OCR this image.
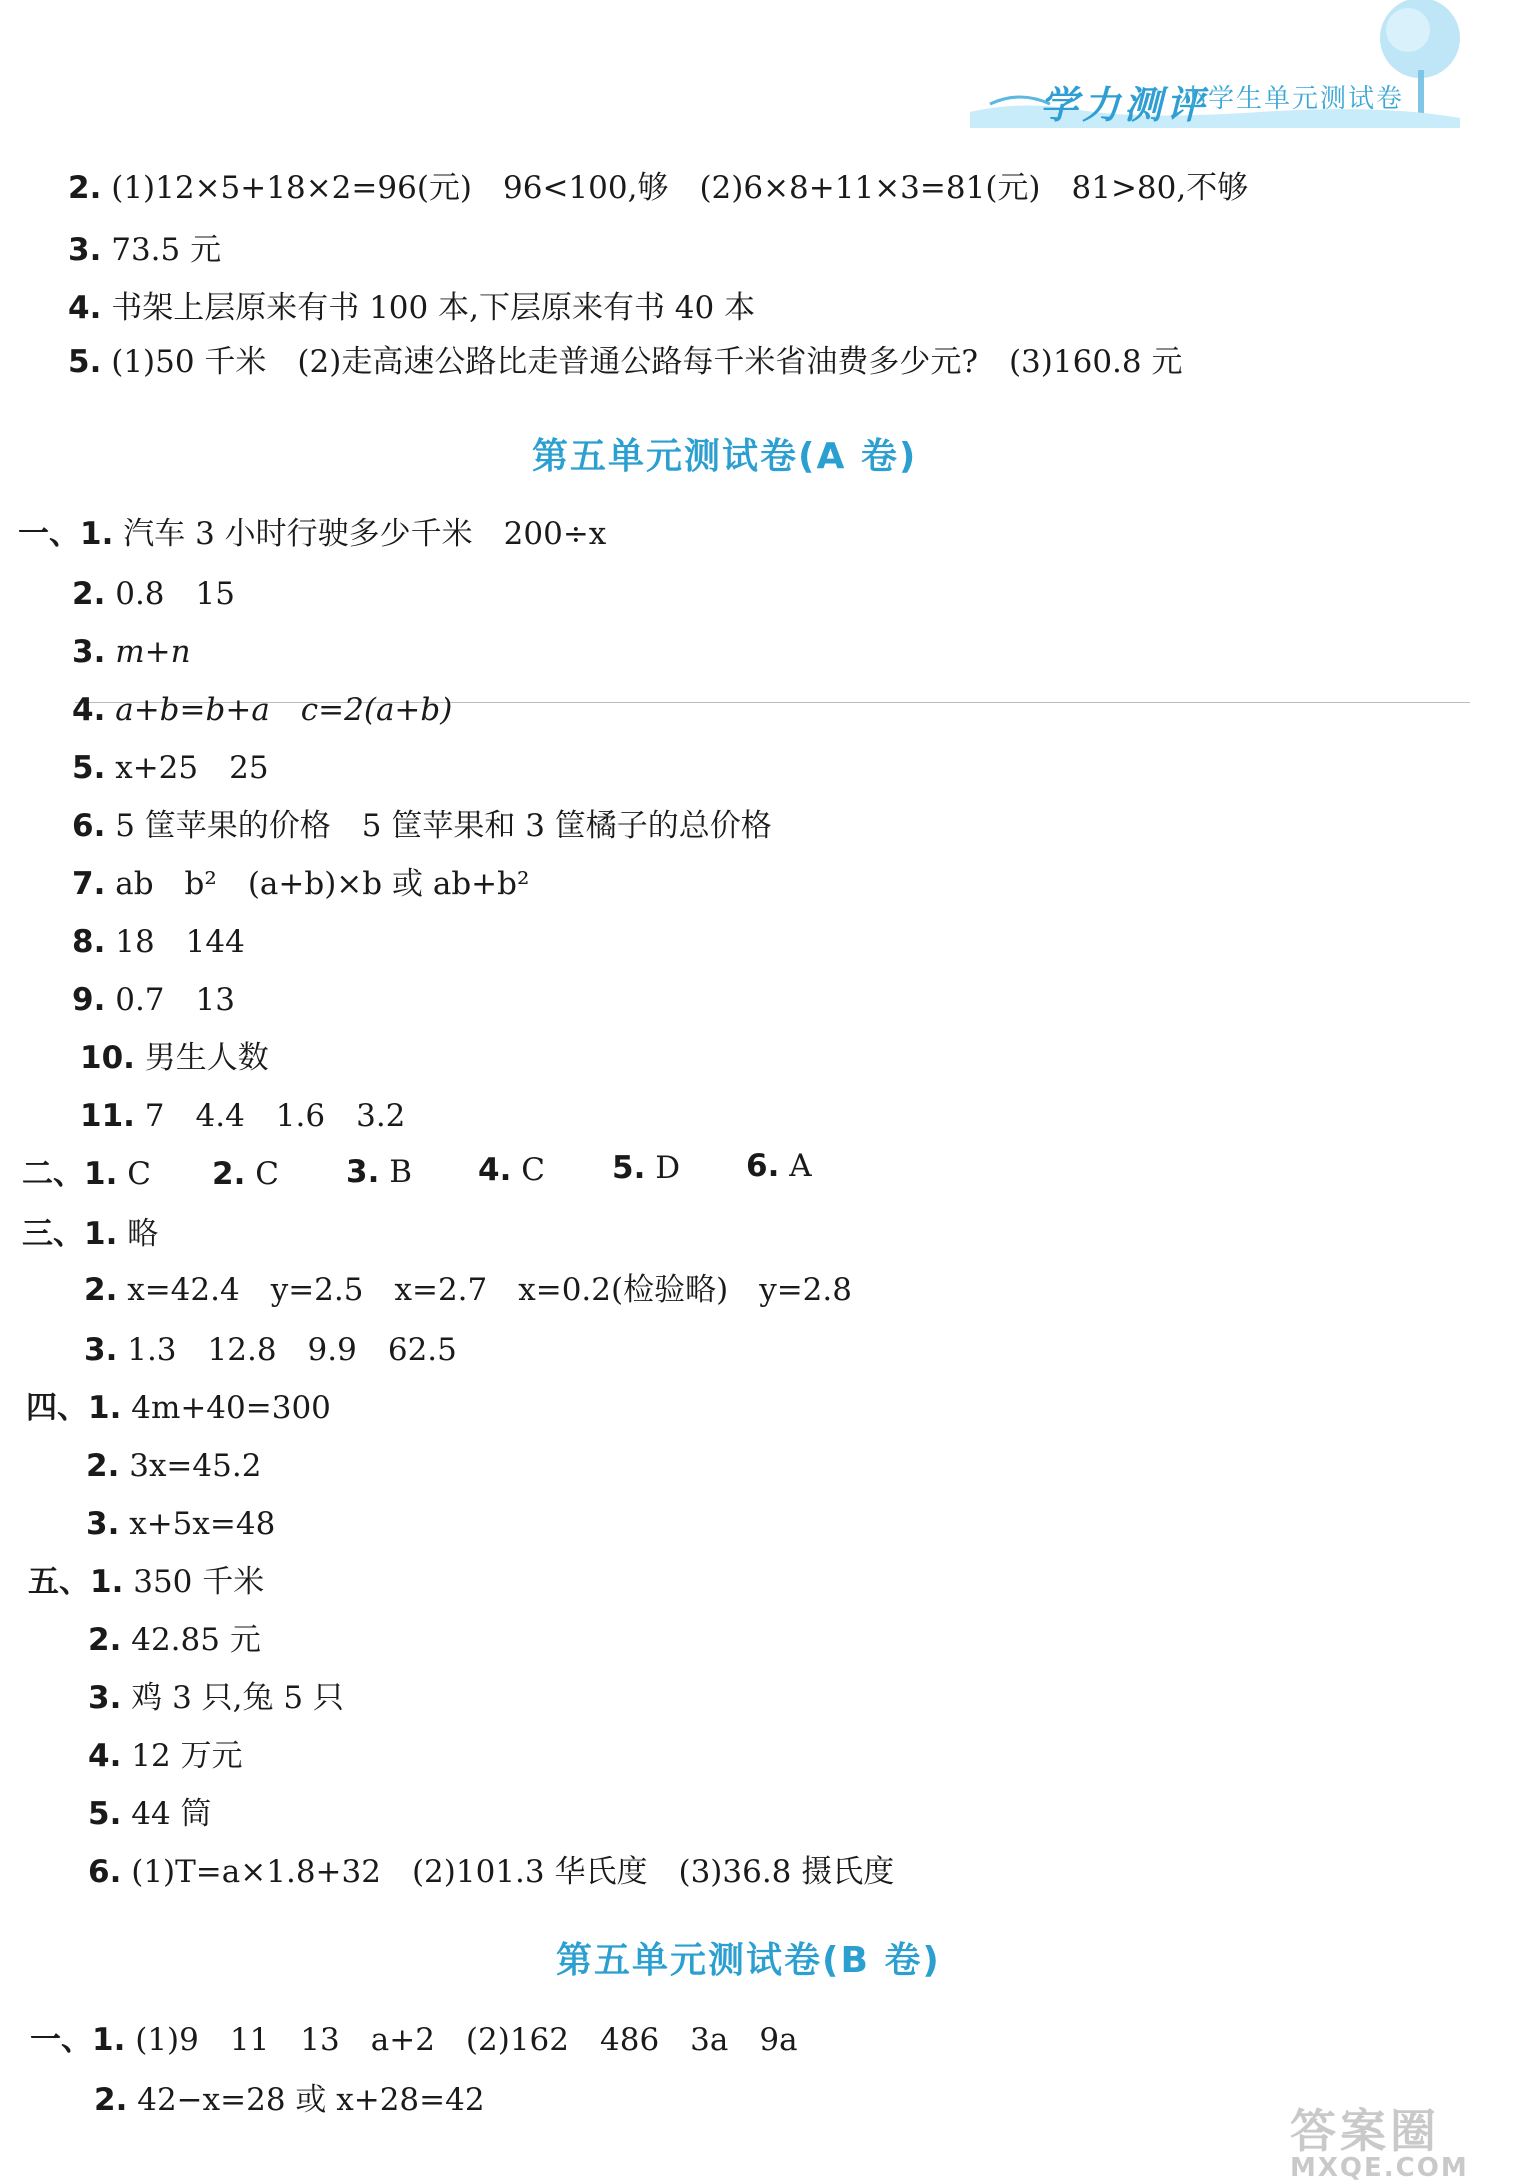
学力测评
小学生单元测试卷
2. (1)12×5+18×2=96(元)　96<100,够　(2)6×8+11×3=81(元)　81>80,不够
3. 73.5 元
4. 书架上层原来有书 100 本,下层原来有书 40 本
5. (1)50 千米　(2)走高速公路比走普通公路每千米省油费多少元?　(3)160.8 元
第五单元测试卷(A 卷)
一、1. 汽车 3 小时行驶多少千米　200÷x
2. 0.8　15
3. m+n
4. a+b=b+a　c=2(a+b)
5. x+25　25
6. 5 筐苹果的价格　5 筐苹果和 3 筐橘子的总价格
7. ab　b²　(a+b)×b 或 ab+b²
8. 18　144
9. 0.7　13
10. 男生人数
11. 7　4.4　1.6　3.2
二、1. C 2. C 3. B 4. C 5. D 6. A
三、1. 略
2. x=42.4　y=2.5　x=2.7　x=0.2(检验略)　y=2.8
3. 1.3　12.8　9.9　62.5
四、1. 4m+40=300
2. 3x=45.2
3. x+5x=48
五、1. 350 千米
2. 42.85 元
3. 鸡 3 只,兔 5 只
4. 12 万元
5. 44 筒
6. (1)T=a×1.8+32　(2)101.3 华氏度　(3)36.8 摄氏度
第五单元测试卷(B 卷)
一、1. (1)9　11　13　a+2　(2)162　486　3a　9a
2. 42−x=28 或 x+28=42
答案圈
MXQE.COM
